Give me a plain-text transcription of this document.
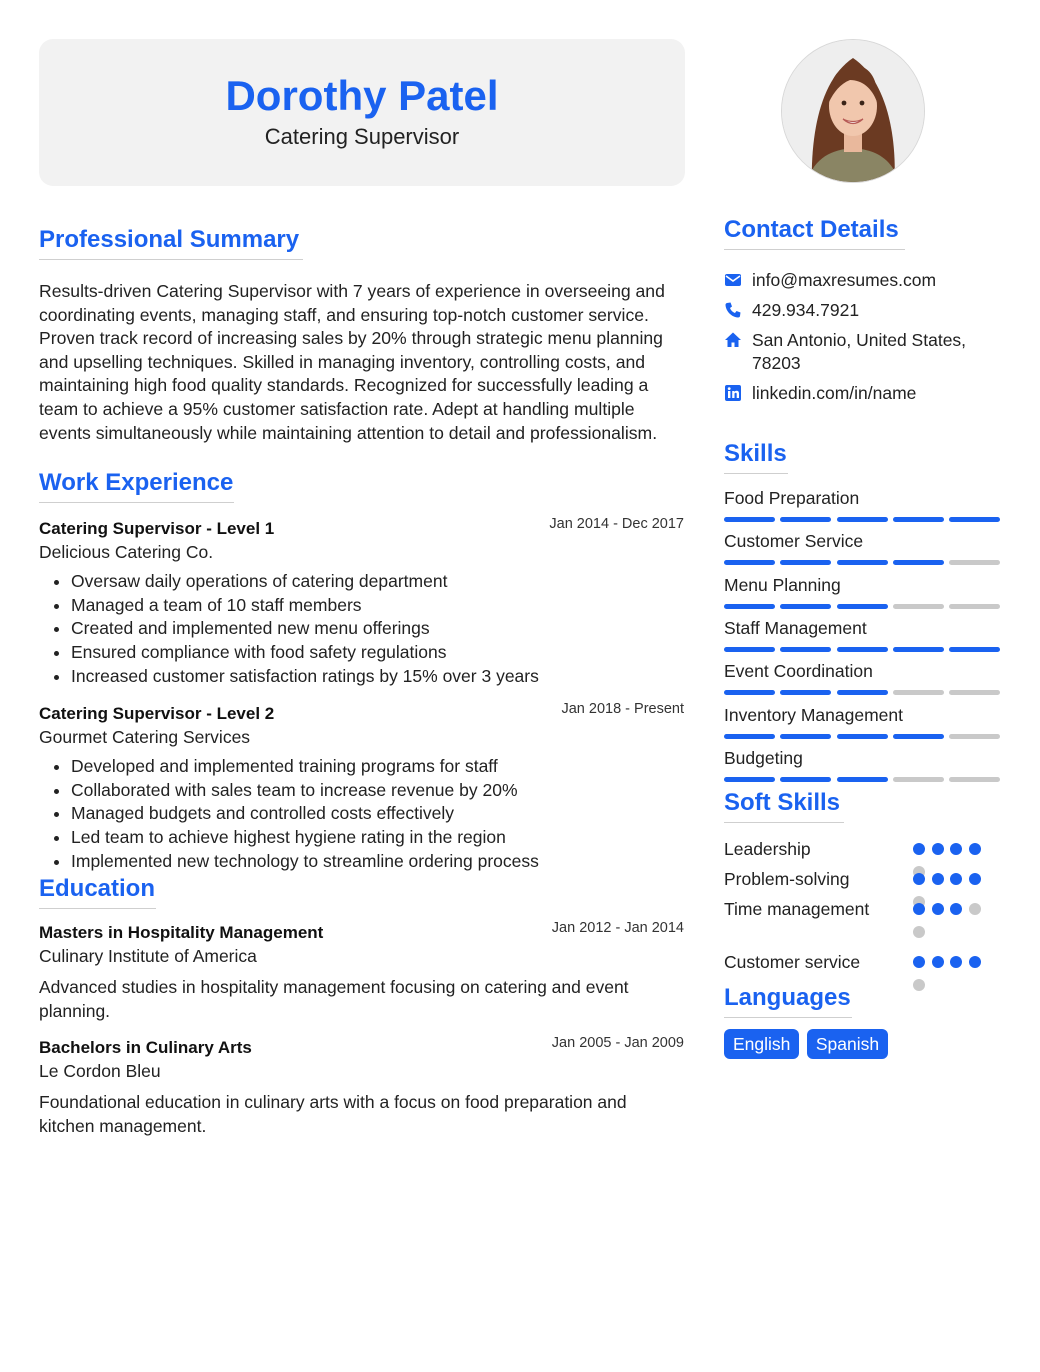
Dorothy Patel
Catering Supervisor
Professional Summary
Results-driven Catering Supervisor with 7 years of experience in overseeing and coordinating events, managing staff, and ensuring top-notch customer service. Proven track record of increasing sales by 20% through strategic menu planning and upselling techniques. Skilled in managing inventory, controlling costs, and maintaining high food quality standards. Recognized for successfully leading a team to achieve a 95% customer satisfaction rate. Adept at handling multiple events simultaneously while maintaining attention to detail and professionalism.
Work Experience
Catering Supervisor - Level 1	Jan 2014 - Dec 2017
Delicious Catering Co.
• Oversaw daily operations of catering department
• Managed a team of 10 staff members
• Created and implemented new menu offerings
• Ensured compliance with food safety regulations
• Increased customer satisfaction ratings by 15% over 3 years
Catering Supervisor - Level 2	Jan 2018 - Present
Gourmet Catering Services
• Developed and implemented training programs for staff
• Collaborated with sales team to increase revenue by 20%
• Managed budgets and controlled costs effectively
• Led team to achieve highest hygiene rating in the region
• Implemented new technology to streamline ordering process
Education
Masters in Hospitality Management	Jan 2012 - Jan 2014
Culinary Institute of America
Advanced studies in hospitality management focusing on catering and event planning.
Bachelors in Culinary Arts	Jan 2005 - Jan 2009
Le Cordon Bleu
Foundational education in culinary arts with a focus on food preparation and kitchen management.
Contact Details
info@maxresumes.com
429.934.7921
San Antonio, United States, 78203
linkedin.com/in/name
Skills
Food Preparation
Customer Service
Menu Planning
Staff Management
Event Coordination
Inventory Management
Budgeting
Soft Skills
Leadership
Problem-solving
Time management
Customer service
Languages
English Spanish
